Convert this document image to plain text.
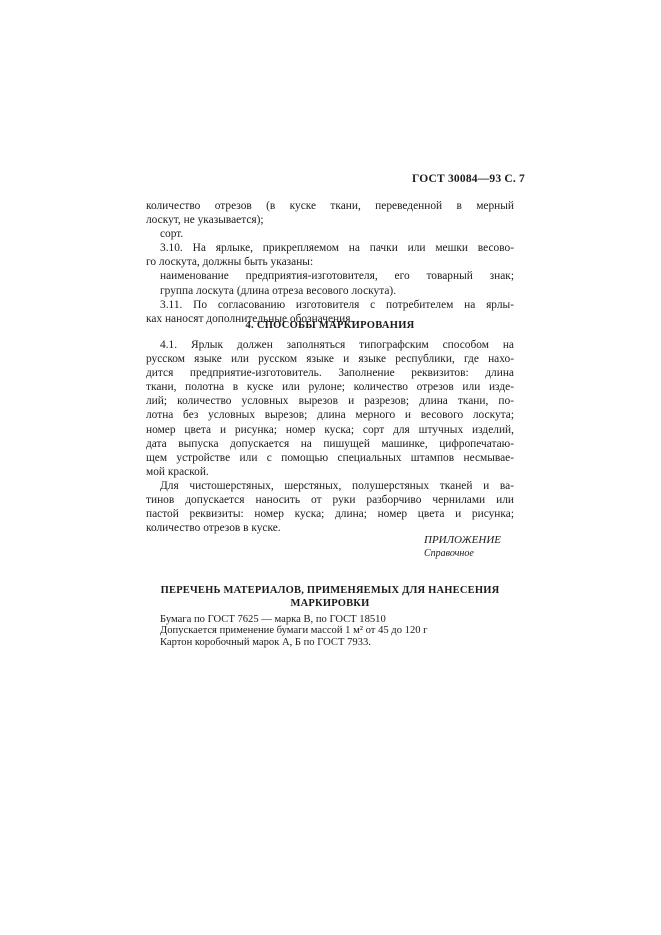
ГОСТ 30084—93 С. 7
количество отрезов (в куске ткани, переведенной в мерный
лоскут, не указывается);
сорт.
3.10. На ярлыке, прикрепляемом на пачки или мешки весово-
го лоскута, должны быть указаны:
наименование предприятия-изготовителя, его товарный знак;
группа лоскута (длина отреза весового лоскута).
3.11. По согласованию изготовителя с потребителем на ярлы-
ках наносят дополнительные обозначения.
4. СПОСОБЫ МАРКИРОВАНИЯ
4.1. Ярлык должен заполняться типографским способом на
русском языке или русском языке и языке республики, где нахо-
дится предприятие-изготовитель. Заполнение реквизитов: длина
ткани, полотна в куске или рулоне; количество отрезов или изде-
лий; количество условных вырезов и разрезов; длина ткани, по-
лотна без условных вырезов; длина мерного и весового лоскута;
номер цвета и рисунка; номер куска; сорт для штучных изделий,
дата выпуска допускается на пишущей машинке, цифропечатаю-
щем устройстве или с помощью специальных штампов несмывае-
мой краской.
Для чистошерстяных, шерстяных, полушерстяных тканей и ва-
тинов допускается наносить от руки разборчиво чернилами или
пастой реквизиты: номер куска; длина; номер цвета и рисунка;
количество отрезов в куске.
ПРИЛОЖЕНИЕ
Справочное
ПЕРЕЧЕНЬ МАТЕРИАЛОВ, ПРИМЕНЯЕМЫХ ДЛЯ НАНЕСЕНИЯ
МАРКИРОВКИ
Бумага по ГОСТ 7625 — марка В, по ГОСТ 18510
Допускается применение бумаги массой 1 м² от 45 до 120 г
Картон коробочный марок А, Б по ГОСТ 7933.
